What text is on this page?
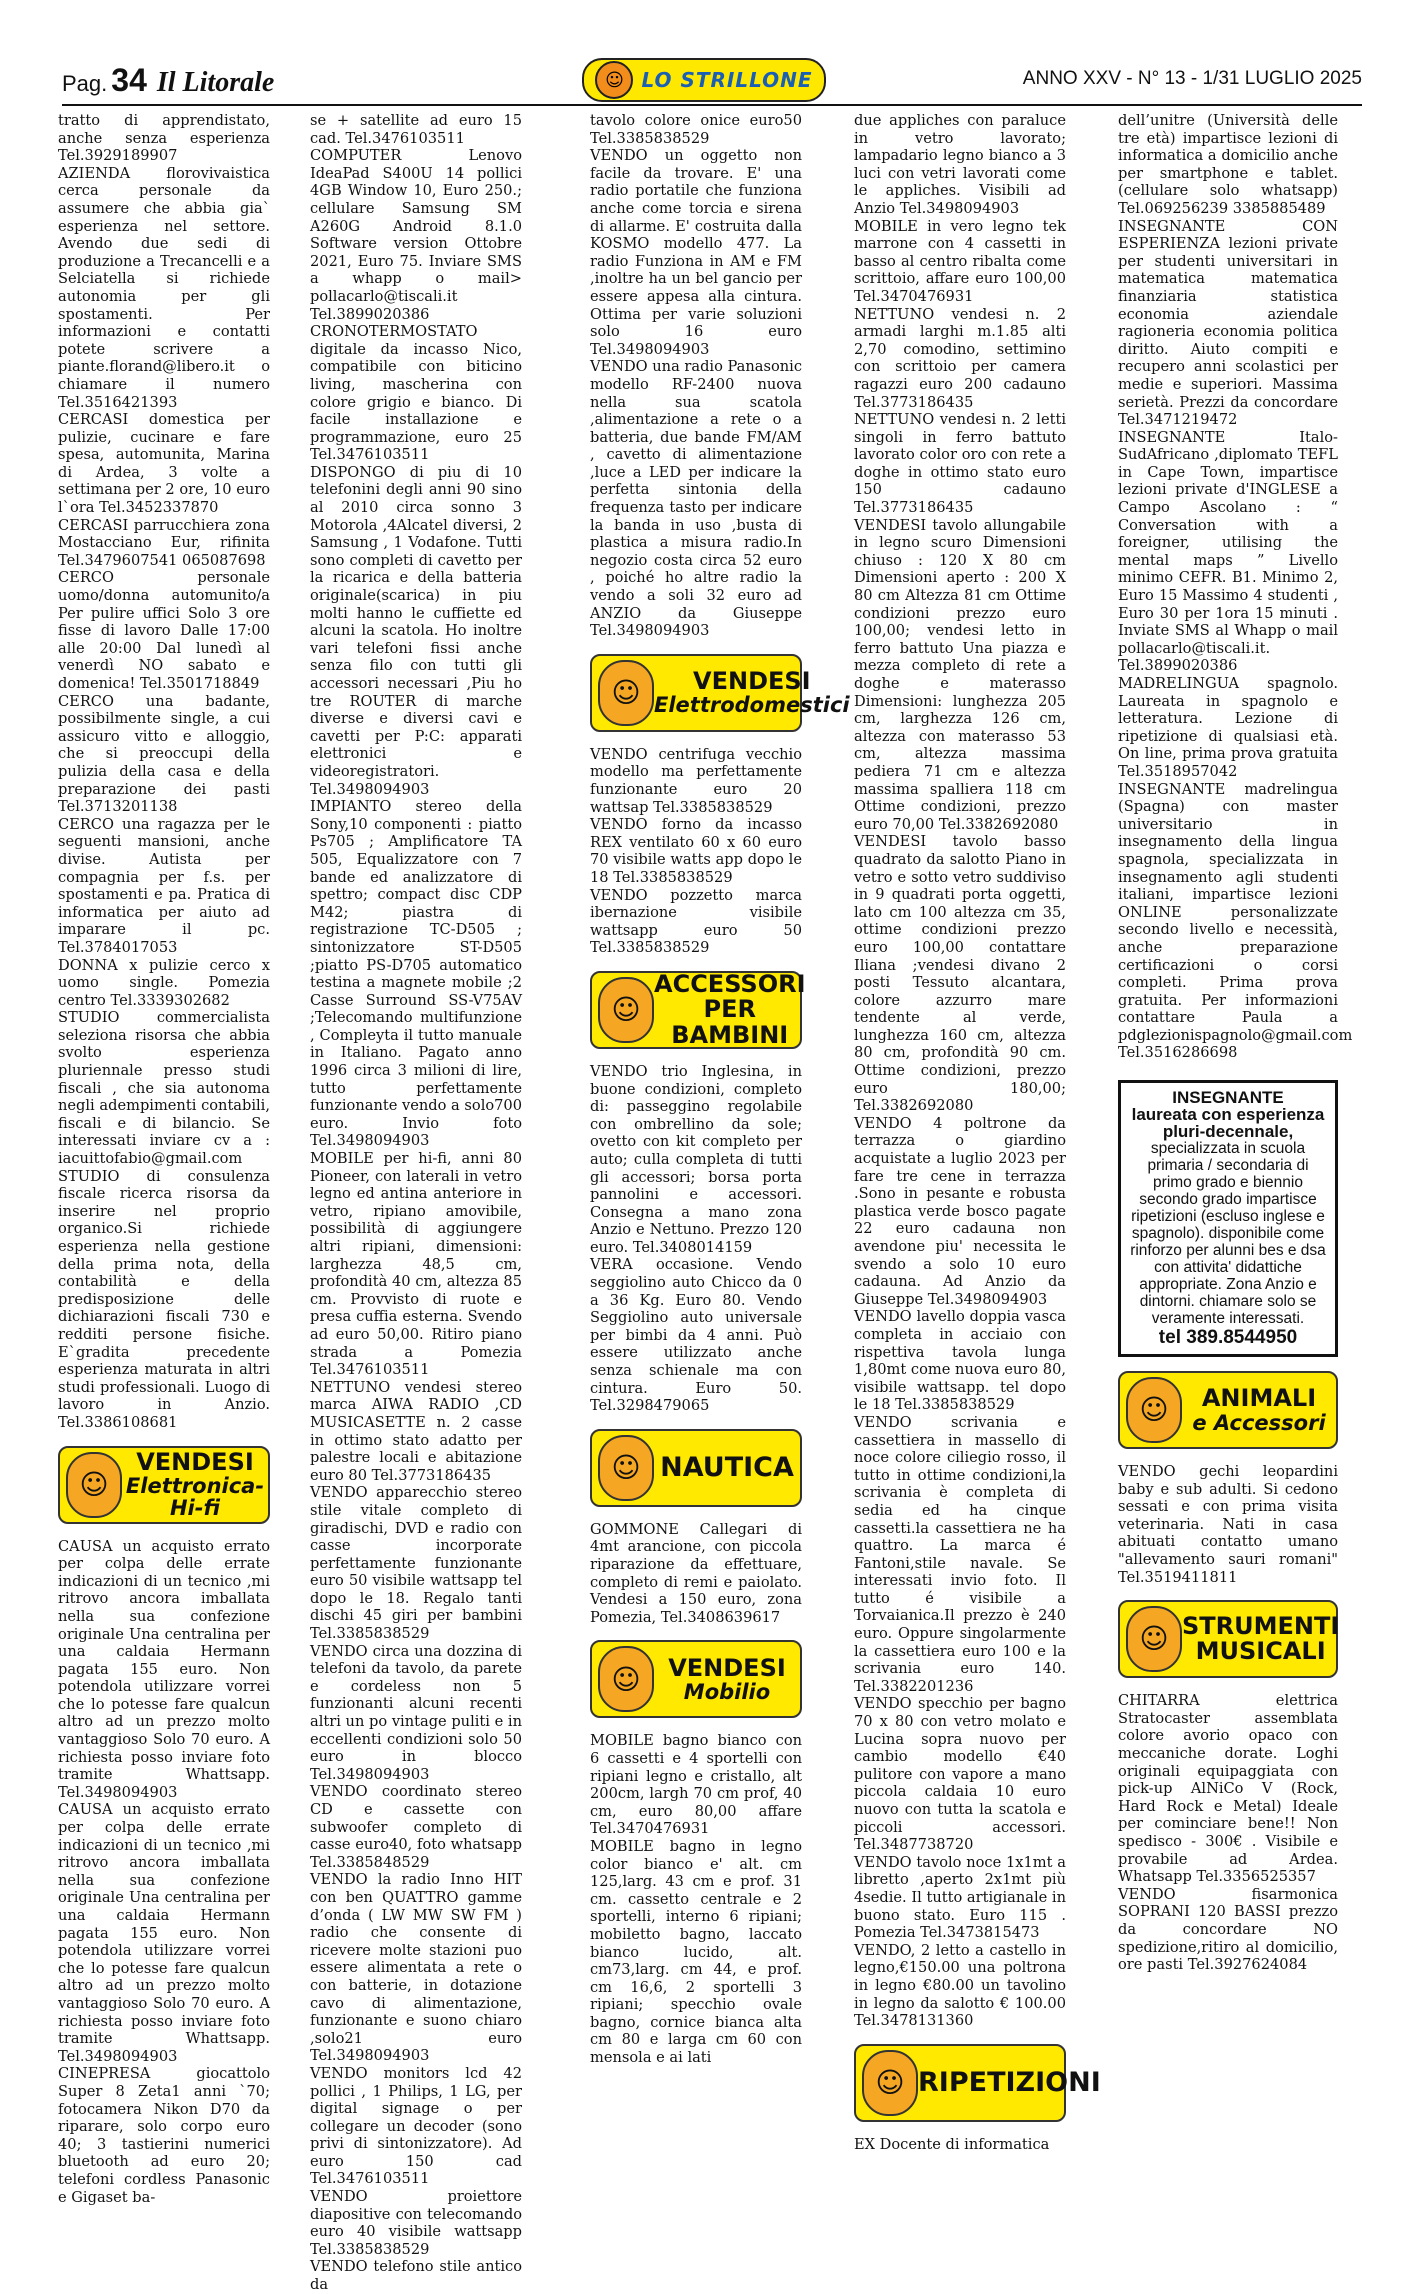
Pag. 34 Il Litorale	☺ LO STRILLONE	ANNO XXV - N° 13 - 1/31 LUGLIO 2025

tratto di apprendistato, anche senza esperienza Tel.3929189907

AZIENDA florovivaistica cerca personale da assumere che abbia gia` esperienza nel settore. Avendo due sedi di produzione a Trecancelli e a Selciatella si richiede autonomia per gli spostamenti. Per informazioni e contatti potete scrivere a piante.florand@libero.it o chiamare il numero Tel.3516421393

CERCASI domestica per pulizie, cucinare e fare spesa, automunita, Marina di Ardea, 3 volte a settimana per 2 ore, 10 euro l`ora Tel.3452337870

CERCASI parrucchiera zona Mostacciano Eur, rifinita Tel.3479607541 065087698

CERCO personale uomo/donna automunito/a Per pulire uffici Solo 3 ore fisse di lavoro Dalle 17:00 alle 20:00 Dal lunedì al venerdì NO sabato e domenica! Tel.3501718849

CERCO una badante, possibilmente single, a cui assicuro vitto e alloggio, che si preoccupi della pulizia della casa e della preparazione dei pasti Tel.3713201138

CERCO una ragazza per le seguenti mansioni, anche divise. Autista per compagnia per f.s. per spostamenti e pa. Pratica di informatica per aiuto ad imparare il pc. Tel.3784017053

DONNA x pulizie cerco x uomo single. Pomezia centro Tel.3339302682

STUDIO commercialista seleziona risorsa che abbia svolto esperienza pluriennale presso studi fiscali , che sia autonoma negli adempimenti contabili, fiscali e di bilancio. Se interessati inviare cv a : iacuittofabio@gmail.com

STUDIO di consulenza fiscale ricerca risorsa da inserire nel proprio organico.Si richiede esperienza nella gestione della prima nota, della contabilità e della predisposizione delle dichiarazioni fiscali 730 e redditi persone fisiche. E`gradita precedente esperienza maturata in altri studi professionali. Luogo di lavoro in Anzio. Tel.3386108681

☺
VENDESI
Elettronica-Hi-fi

CAUSA un acquisto errato per colpa delle errate indicazioni di un tecnico ,mi ritrovo ancora imballata nella sua confezione originale Una centralina per una caldaia Hermann pagata 155 euro. Non potendola utilizzare vorrei che lo potesse fare qualcun altro ad un prezzo molto vantaggioso Solo 70 euro. A richiesta posso inviare foto tramite Whattsapp. Tel.3498094903

CAUSA un acquisto errato per colpa delle errate indicazioni di un tecnico ,mi ritrovo ancora imballata nella sua confezione originale Una centralina per una caldaia Hermann pagata 155 euro. Non potendola utilizzare vorrei che lo potesse fare qualcun altro ad un prezzo molto vantaggioso Solo 70 euro. A richiesta posso inviare foto tramite Whattsapp. Tel.3498094903

CINEPRESA giocattolo Super 8 Zeta1 anni `70; fotocamera Nikon D70 da riparare, solo corpo euro 40; 3 tastierini numerici bluetooth ad euro 20; telefoni cordless Panasonic e Gigaset ba-

se + satellite ad euro 15 cad. Tel.3476103511

COMPUTER Lenovo IdeaPad S400U 14 pollici 4GB Window 10, Euro 250.; cellulare Samsung SM A260G Android 8.1.0 Software version Ottobre 2021, Euro 75. Inviare SMS a whapp o mail> pollacarlo@tiscali.it Tel.3899020386

CRONOTERMOSTATO digitale da incasso Nico, compatibile con biticino living, mascherina con colore grigio e bianco. Di facile installazione e programmazione, euro 25 Tel.3476103511

DISPONGO di piu di 10 telefonini degli anni 90 sino al 2010 circa sonno 3 Motorola ,4Alcatel diversi, 2 Samsung , 1 Vodafone. Tutti sono completi di cavetto per la ricarica e della batteria originale(scarica) in piu molti hanno le cuffiette ed alcuni la scatola. Ho inoltre vari telefoni fissi anche senza filo con tutti gli accessori necessari ,Piu ho tre ROUTER di marche diverse e diversi cavi e cavetti per P:C: apparati elettronici e videoregistratori. Tel.3498094903

IMPIANTO stereo della Sony,10 componenti : piatto Ps705 ; Amplificatore TA 505, Equalizzatore con 7 bande ed analizzatore di spettro; compact disc CDP M42; piastra di registrazione TC-D505 ; sintonizzatore ST-D505 ;piatto PS-D705 automatico testina a magnete mobile ;2 Casse Surround SS-V75AV ;Telecomando multifunzione , Compleyta il tutto manuale in Italiano. Pagato anno 1996 circa 3 milioni di lire, tutto perfettamente funzionante vendo a solo700 euro. Invio foto Tel.3498094903

MOBILE per hi-fi, anni 80 Pioneer, con laterali in vetro legno ed antina anteriore in vetro, ripiano amovibile, possibilità di aggiungere altri ripiani, dimensioni: larghezza 48,5 cm, profondità 40 cm, altezza 85 cm. Provvisto di ruote e presa cuffia esterna. Svendo ad euro 50,00. Ritiro piano strada a Pomezia Tel.3476103511

NETTUNO vendesi stereo marca AIWA RADIO ,CD MUSICASETTE n. 2 casse in ottimo stato adatto per palestre locali e abitazione euro 80 Tel.3773186435

VENDO apparecchio stereo stile vitale completo di giradischi, DVD e radio con casse incorporate perfettamente funzionante euro 50 visibile wattsapp tel dopo le 18. Regalo tanti dischi 45 giri per bambini Tel.3385838529

VENDO circa una dozzina di telefoni da tavolo, da parete e cordeless non 5 funzionanti alcuni recenti altri un po vintage puliti e in eccellenti condizioni solo 50 euro in blocco Tel.3498094903

VENDO coordinato stereo CD e cassette con subwoofer completo di casse euro40, foto whatsapp Tel.3385848529

VENDO la radio Inno HIT con ben QUATTRO gamme d’onda ( LW MW SW FM ) radio che consente di ricevere molte stazioni puo essere alimentata a rete o con batterie, in dotazione cavo di alimentazione, funzionante e suono chiaro ,solo21 euro Tel.3498094903

VENDO monitors lcd 42 pollici , 1 Philips, 1 LG, per digital signage o per collegare un decoder (sono privi di sintonizzatore). Ad euro 150 cad Tel.3476103511

VENDO proiettore diapositive con telecomando euro 40 visibile wattsapp Tel.3385838529

VENDO telefono stile antico da

tavolo colore onice euro50 Tel.3385838529

VENDO un oggetto non facile da trovare. E' una radio portatile che funziona anche come torcia e sirena di allarme. E' costruita dalla KOSMO modello 477. La radio Funziona in AM e FM ,inoltre ha un bel gancio per essere appesa alla cintura. Ottima per varie soluzioni solo 16 euro Tel.3498094903

VENDO una radio Panasonic modello RF-2400 nuova nella sua scatola ,alimentazione a rete o a batteria, due bande FM/AM , cavetto di alimentazione ,luce a LED per indicare la perfetta sintonia della frequenza tasto per indicare la banda in uso ,busta di plastica a misura radio.In negozio costa circa 52 euro , poiché ho altre radio la vendo a soli 32 euro ad ANZIO da Giuseppe Tel.3498094903

☺	VENDESI
Elettrodomestici

VENDO centrifuga vecchio modello ma perfettamente funzionante euro 20 wattsap Tel.3385838529

VENDO forno da incasso REX ventilato 60 x 60 euro 70 visibile watts app dopo le 18 Tel.3385838529

VENDO pozzetto marca ibernazione visibile wattsapp euro 50 Tel.3385838529

☺
ACCESSORI
PER BAMBINI

VENDO trio Inglesina, in buone condizioni, completo di: passeggino regolabile con ombrellino da sole; ovetto con kit completo per auto; culla completa di tutti gli accessori; borsa porta pannolini e accessori. Consegna a mano zona Anzio e Nettuno. Prezzo 120 euro. Tel.3408014159

VERA occasione. Vendo seggiolino auto Chicco da 0 a 36 Kg. Euro 80. Vendo Seggiolino auto universale per bimbi da 4 anni. Può essere utilizzato anche senza schienale ma con cintura. Euro 50. Tel.3298479065

☺ NAUTICA

GOMMONE Callegari di 4mt arancione, con piccola riparazione da effettuare, completo di remi e paiolato. Vendesi a 150 euro, zona Pomezia, Tel.3408639617

☺	VENDESI
Mobilio

MOBILE bagno bianco con 6 cassetti e 4 sportelli con ripiani legno e cristallo, alt 200cm, largh 70 cm prof, 40 cm, euro 80,00 affare Tel.3470476931

MOBILE bagno in legno color bianco e' alt. cm 125,larg. 43 cm e prof. 31 cm. cassetto centrale e 2 sportelli, interno 6 ripiani; mobiletto bagno, laccato bianco lucido, alt. cm73,larg. cm 44, e prof. cm 16,6, 2 sportelli 3 ripiani; specchio ovale bagno, cornice bianca alta cm 80 e larga cm 60 con mensola e ai lati

due appliches con paraluce in vetro lavorato; lampadario legno bianco a 3 luci con vetri lavorati come le appliches. Visibili ad Anzio Tel.3498094903

MOBILE in vero legno tek marrone con 4 cassetti in basso al centro ribalta come scrittoio, affare euro 100,00 Tel.3470476931

NETTUNO vendesi n. 2 armadi larghi m.1.85 alti 2,70 comodino, settimino con scrittoio per camera ragazzi euro 200 cadauno Tel.3773186435

NETTUNO vendesi n. 2 letti singoli in ferro battuto lavorato color oro con rete a doghe in ottimo stato euro 150 cadauno Tel.3773186435

VENDESI tavolo allungabile in legno scuro Dimensioni chiuso : 120 X 80 cm Dimensioni aperto : 200 X 80 cm Altezza 81 cm Ottime condizioni prezzo euro 100,00; vendesi letto in ferro battuto Una piazza e mezza completo di rete a doghe e materasso Dimensioni: lunghezza 205 cm, larghezza 126 cm, altezza con materasso 53 cm, altezza massima pediera 71 cm e altezza massima spalliera 118 cm Ottime condizioni, prezzo euro 70,00 Tel.3382692080

VENDESI tavolo basso quadrato da salotto Piano in vetro e sotto vetro suddiviso in 9 quadrati porta oggetti, lato cm 100 altezza cm 35, ottime condizioni prezzo euro 100,00 contattare Iliana ;vendesi divano 2 posti Tessuto alcantara, colore azzurro mare tendente al verde, lunghezza 160 cm, altezza 80 cm, profondità 90 cm. Ottime condizioni, prezzo euro 180,00; Tel.3382692080

VENDO 4 poltrone da terrazza o giardino acquistate a luglio 2023 per fare tre cene in terrazza .Sono in pesante e robusta plastica verde bosco pagate 22 euro cadauna non avendone piu' necessita le svendo a solo 10 euro cadauna. Ad Anzio da Giuseppe Tel.3498094903

VENDO lavello doppia vasca completa in acciaio con rispettiva tavola lunga 1,80mt come nuova euro 80, visibile wattsapp. tel dopo le 18 Tel.3385838529

VENDO scrivania e cassettiera in massello di noce colore ciliegio rosso, il tutto in ottime condizioni,la scrivania è completa di sedia ed ha cinque cassetti.la cassettiera ne ha quattro. La marca é Fantoni,stile navale. Se interessati invio foto. Il tutto é visibile a Torvaianica.Il prezzo è 240 euro. Oppure singolarmente la cassettiera euro 100 e la scrivania euro 140. Tel.3382201236

VENDO specchio per bagno 70 x 80 con vetro molato e Lucina sopra nuovo per cambio modello €40 pulitore con vapore a mano piccola caldaia 10 euro nuovo con tutta la scatola e piccoli accessori. Tel.3487738720

VENDO tavolo noce 1x1mt a libretto ,aperto 2x1mt più 4sedie. Il tutto artigianale in buono stato. Euro 115 . Pomezia Tel.3473815473

VENDO, 2 letto a castello in legno,€150.00 una poltrona in legno €80.00 un tavolino in legno da salotto € 100.00 Tel.3478131360

☺ RIPETIZIONI

EX Docente di informatica

dell’unitre (Università delle tre età) impartisce lezioni di informatica a domicilio anche per smartphone e tablet. (cellulare solo whatsapp) Tel.069256239 3385885489

INSEGNANTE CON ESPERIENZA lezioni private per studenti universitari in matematica matematica finanziaria statistica economia aziendale ragioneria economia politica diritto. Aiuto compiti e recupero anni scolastici per medie e superiori. Massima serietà. Prezzi da concordare Tel.3471219472

INSEGNANTE Italo-SudAfricano ,diplomato TEFL in Cape Town, impartisce lezioni private d'INGLESE a Campo Ascolano : “ Conversation with a foreigner, utilising the mental maps ” Livello minimo CEFR. B1. Minimo 2, Euro 15 Massimo 4 studenti , Euro 30 per 1ora 15 minuti . Inviate SMS al Whapp o mail pollacarlo@tiscali.it. Tel.3899020386

MADRELINGUA spagnolo. Laureata in spagnolo e letteratura. Lezione di ripetizione di qualsiasi età. On line, prima prova gratuita Tel.3518957042

INSEGNANTE madrelingua (Spagna) con master universitario in insegnamento della lingua spagnola, specializzata in insegnamento agli studenti italiani, impartisce lezioni ONLINE personalizzate secondo livello e necessità, anche preparazione certificazioni o corsi completi. Prima prova gratuita. Per informazioni contattare Paula a pdglezionispagnolo@gmail.com Tel.3516286698

INSEGNANTE
laureata con esperienza pluri-decennale,
specializzata in scuola primaria / secondaria di primo grado e biennio secondo grado impartisce ripetizioni (escluso inglese e spagnolo). disponibile come rinforzo per alunni bes e dsa con attivita' didattiche appropriate. Zona Anzio e dintorni. chiamare solo se veramente interessati.
tel 389.8544950
☺	ANIMALI
e Accessori

VENDO gechi leopardini baby e sub adulti. Si cedono sessati e con prima visita veterinaria. Nati in casa abituati contatto umano "allevamento sauri romani" Tel.3519411811

☺ STRUMENTI
MUSICALI

CHITARRA elettrica Stratocaster assemblata colore avorio opaco con meccaniche dorate. Loghi originali equipaggiata con pick-up AlNiCo V (Rock, Hard Rock e Metal) Ideale per cominciare bene!! Non spedisco - 300€ . Visibile e provabile ad Ardea. Whatsapp Tel.3356525357

VENDO fisarmonica SOPRANI 120 BASSI prezzo da concordare NO spedizione,ritiro al domicilio, ore pasti Tel.3927624084
